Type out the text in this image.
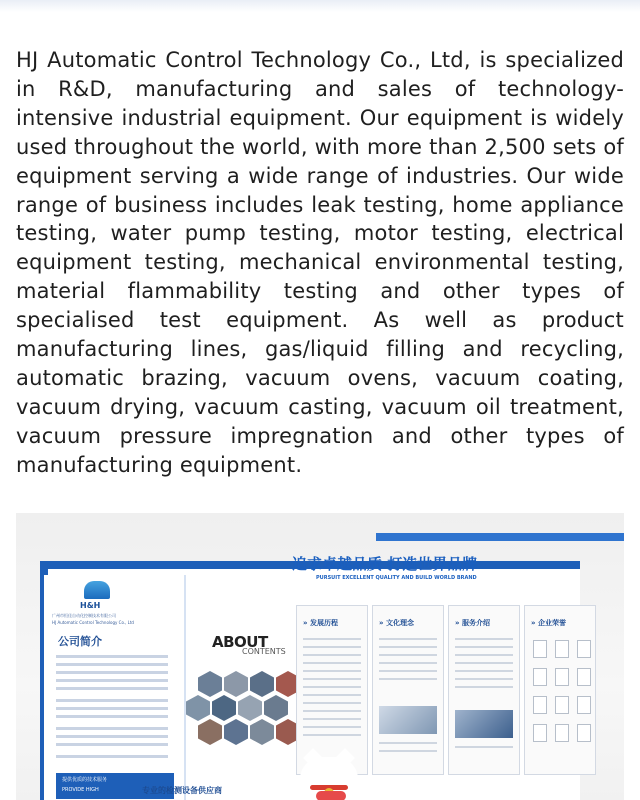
HJ Automatic Control Technology Co., Ltd, is specialized in R&D, manufacturing and sales of technology-intensive industrial equipment. Our equipment is widely used throughout the world, with more than 2,500 sets of equipment serving a wide range of industries. Our wide range of business includes leak testing, home appliance testing, water pump testing, motor testing, electrical equipment testing, mechanical environmental testing, material flammability testing and other types of specialised test equipment. As well as product manufacturing lines, gas/liquid filling and recycling, automatic brazing, vacuum ovens, vacuum coating, vacuum drying, vacuum casting, vacuum oil treatment, vacuum pressure impregnation and other types of manufacturing equipment.

H&H
广州市恒佳自动化控制技术有限公司
HJ Automatic Control Technology Co., Ltd
公司简介
提供优质的技术服务
PROVIDE HIGH
ABOUT
CONTENTS
追求卓越品质 打造世界品牌
PURSUIT EXCELLENT QUALITY AND BUILD WORLD BRAND
» 发展历程	» 文化理念	» 服务介绍	» 企业荣誉
专业的检测设备供应商
